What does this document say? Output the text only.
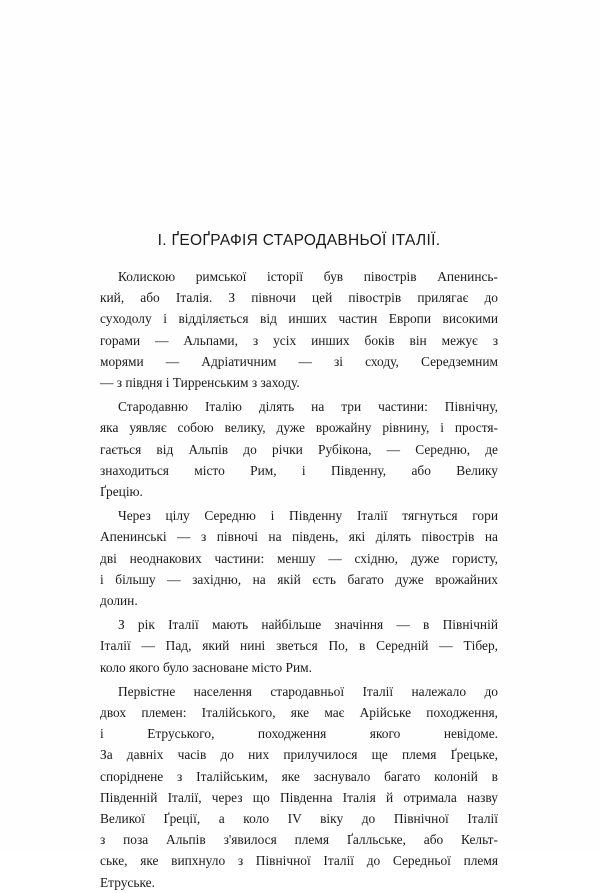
I. ҐЕОҐРАФІЯ СТАРОДАВНЬОЇ ІТАЛІЇ.
Колискою римської історії був півострів Апенинсь-
кий, або Італія. З півночи цей півострів прилягає до
суходолу і відділяється від инших частин Европи високими
горами — Альпами, з усіх инших боків він межує з
морями — Адріатичним — зі сходу, Середземним
— з півдня і Тирренським з заходу.
Стародавню Італію ділять на три частини: Північну,
яка уявляє собою велику, дуже врожайну рівнину, і простя-
гається від Альпів до річки Рубікона, — Середню, де
знаходиться місто Рим, і Південну, або Велику
Ґрецію.
Через цілу Середню і Південну Італії тягнуться гори
Апенинські — з півночі на південь, які ділять півострів на
дві неоднакових частини: меншу — східню, дуже гористу,
і більшу — західню, на якій єсть багато дуже врожайних
долин.
З рік Італії мають найбільше значіння — в Північній
Італії — Пад, який нині зветься По, в Середній — Тібер,
коло якого було засноване місто Рим.
Первістне населення стародавньої Італії належало до
двох племен: Італійського, яке має Арійське походження,
і Етруського, походження якого невідоме.
За давніх часів до них прилучилося ще племя Ґрецьке,
споріднене з Італійським, яке заснувало багато колоній в
Південній Італії, через що Південна Італія й отримала назву
Великої Ґреції, а коло IV віку до Північної Італії
з поза Альпів з'явилося племя Ґалльське, або Кельт-
ське, яке випхнуло з Північної Італії до Середньої племя
Етруське.
